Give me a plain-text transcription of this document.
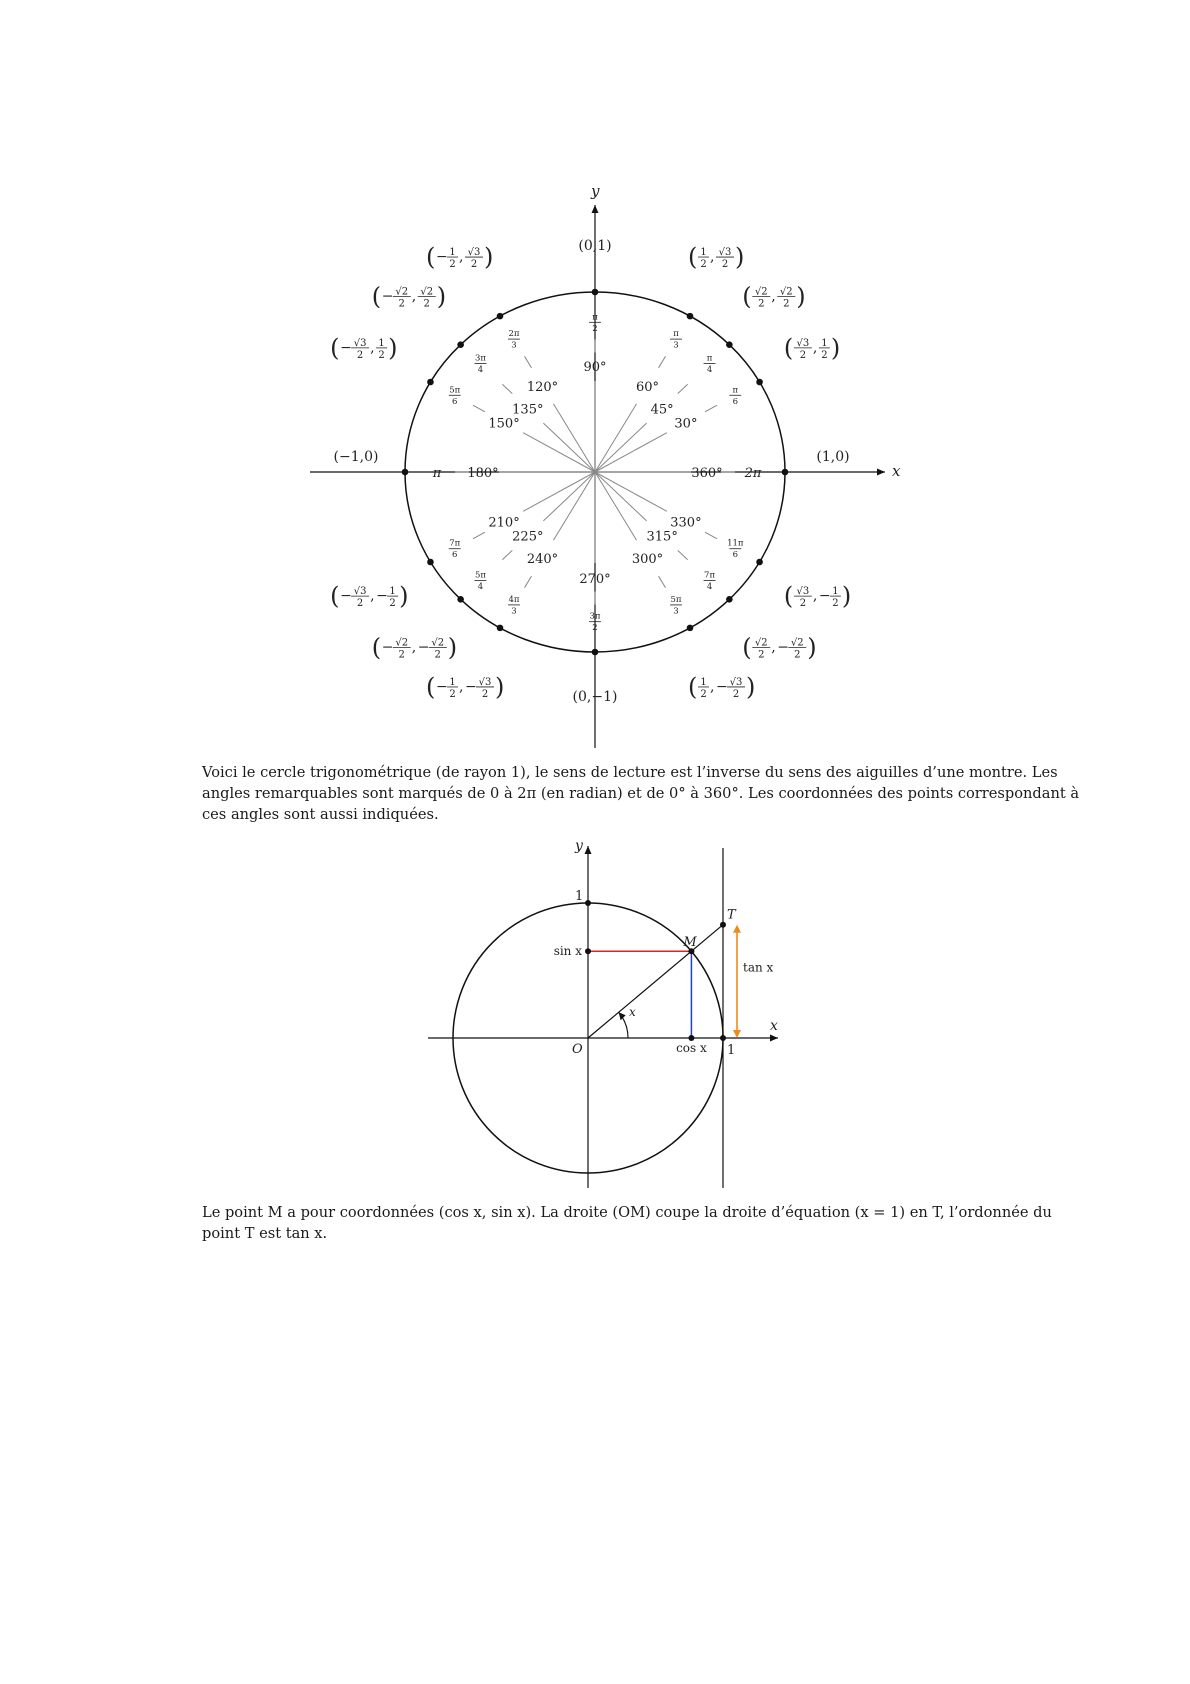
x
y
360° 2π
(1,0)
30°
π
6
( √3
2 , 1
2 )
45°
π
4
( √2
2 , √2
2 )
60°
π
3
( 1
2 , √3
2 )
90°
π
2
(0,1)
120°
2π
3
( − 1
2 , √3
2 )
135°
3π
4
( − √2
2 , √2
2 )
150°
5π
6
( − √3
2 , 1
2 )
180°
π
(−1,0)
210°
7π
6
( − √3
2 , − 1
2 )
225°
5π
4
( − √2
2 , − √2
2 )
240°
4π
3
( − 1
2 , − √3
2 )
270°
3π
2
(0,−1)
300°
5π
3
( 1
2 , − √3
2 )
315°
7π
4
( √2
2 , − √2
2 )
330°
11π
6
( √3
2 , − 1
2 )
Voici le cercle trigonométrique (de rayon 1), le sens de lecture est l’inverse du sens des aiguilles d’une montre. Les
angles remarquables sont marqués de 0 à 2π (en radian) et de 0° à 360°. Les coordonnées des points correspondant à
ces angles sont aussi indiquées.
y
x
O	1
1
M
T
x
sin x
cos x
tan x
Le point M a pour coordonnées (cos x, sin x). La droite (OM) coupe la droite d’équation (x = 1) en T, l’ordonnée du
point T est tan x.
